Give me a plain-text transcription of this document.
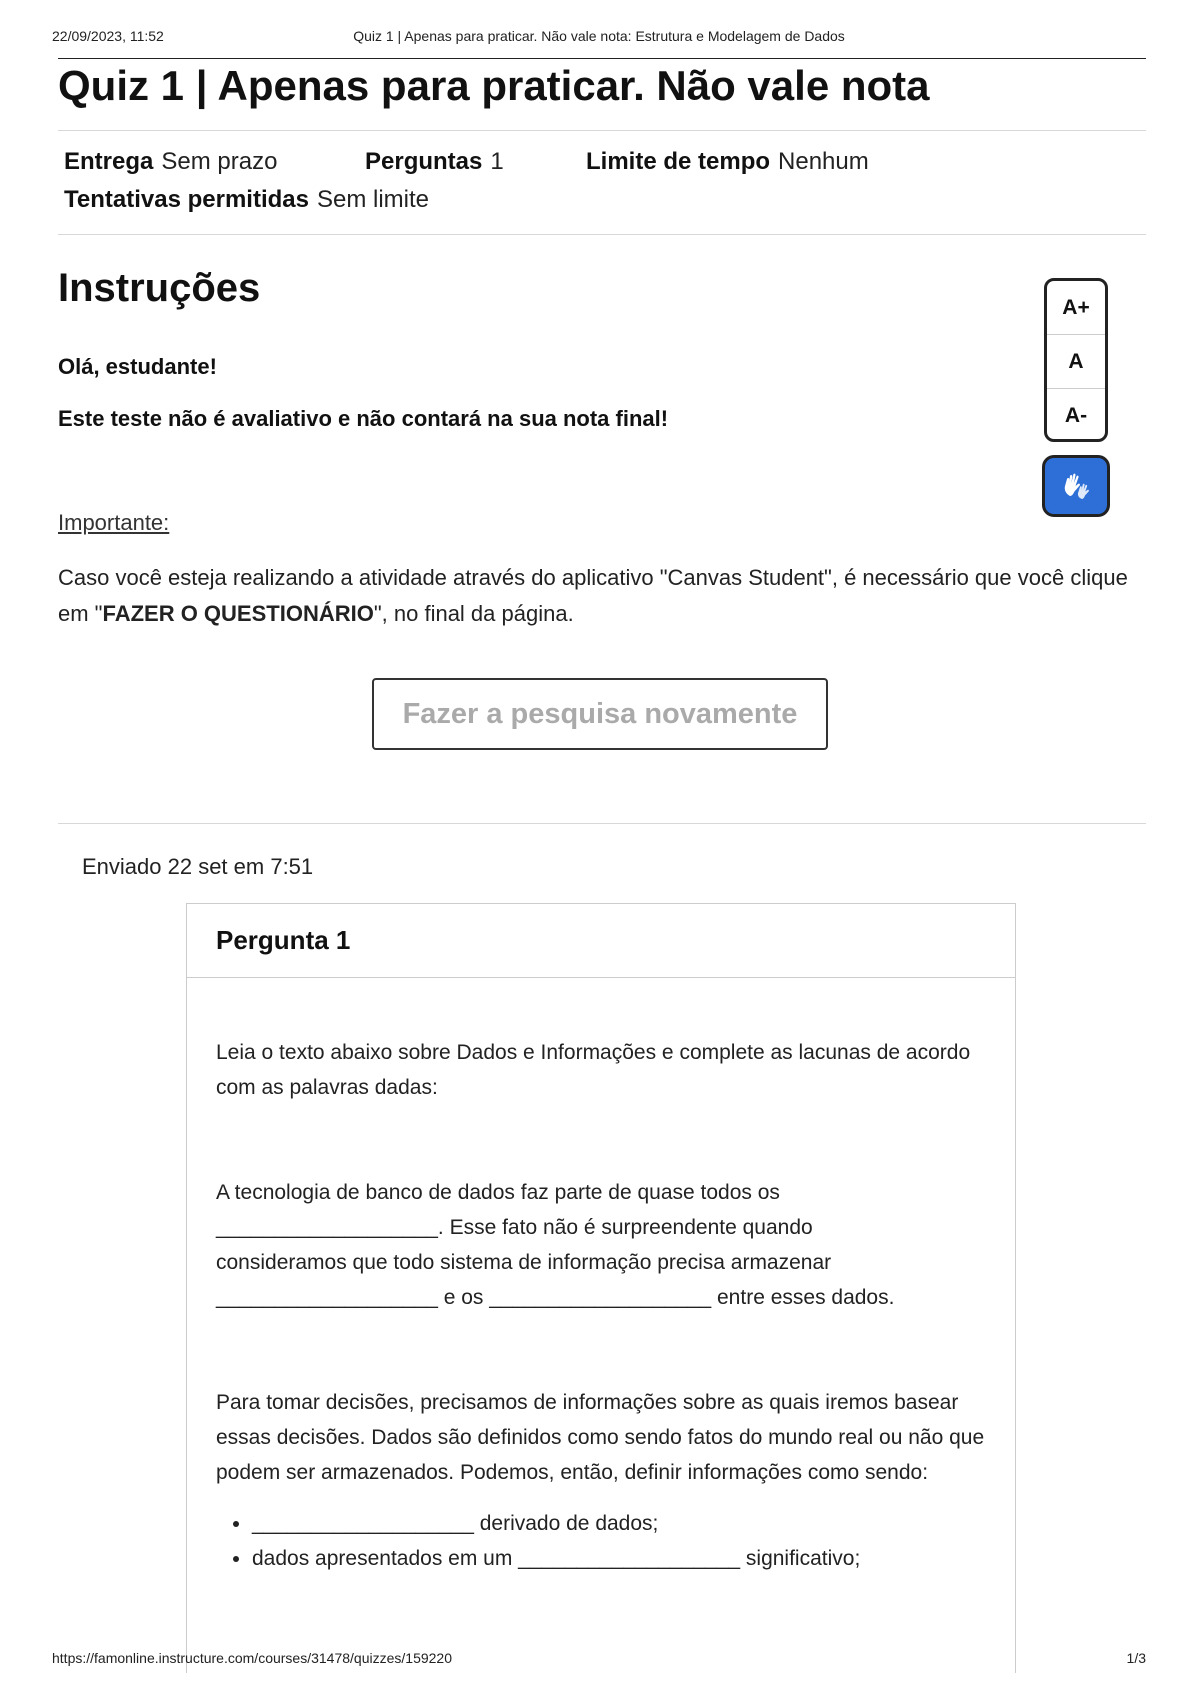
22/09/2023, 11:52	Quiz 1 | Apenas para praticar. Não vale nota: Estrutura e Modelagem de Dados
Quiz 1 | Apenas para praticar. Não vale nota
Entrega Sem prazo	Perguntas 1	Limite de tempo Nenhum
Tentativas permitidas Sem limite
Instruções

Olá, estudante!

Este teste não é avaliativo e não contará na sua nota final!

Importante:

Caso você esteja realizando a atividade através do aplicativo "Canvas Student", é necessário que você clique em "FAZER O QUESTIONÁRIO", no final da página.

A+
A
A-
Fazer a pesquisa novamente
Enviado 22 set em 7:51
Pergunta 1

Leia o texto abaixo sobre Dados e Informações e complete as lacunas de acordo com as palavras dadas:

A tecnologia de banco de dados faz parte de quase todos os

___________________. Esse fato não é surpreendente quando

consideramos que todo sistema de informação precisa armazenar

___________________ e os ___________________ entre esses dados.

Para tomar decisões, precisamos de informações sobre as quais iremos basear essas decisões. Dados são definidos como sendo fatos do mundo real ou não que podem ser armazenados. Podemos, então, definir informações como sendo:

• ___________________ derivado de dados;
• dados apresentados em um ___________________ significativo;
https://famonline.instructure.com/courses/31478/quizzes/159220	1/3
